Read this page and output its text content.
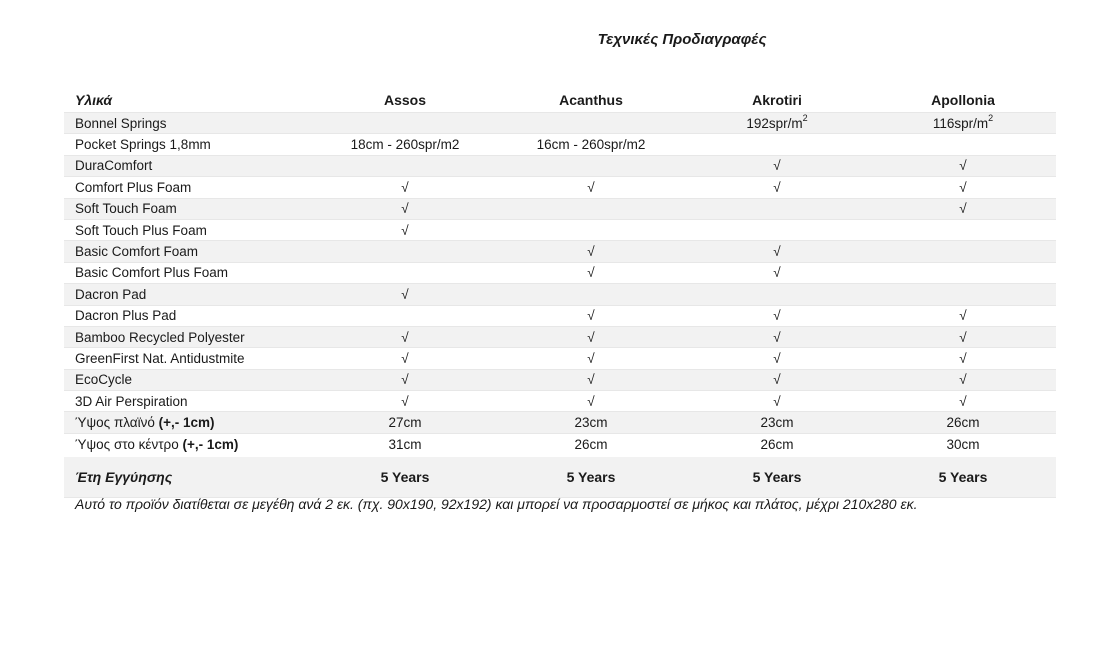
Τεχνικές Προδιαγραφές
Υλικά	Assos	Acanthus	Akrotiri	Apollonia
Bonnel Springs			$192spr/m^2$	$116spr/m^2$
Pocket Springs 1,8mm	18cm - 260spr/m2	16cm - 260spr/m2		
DuraComfort			√	√
Comfort Plus Foam	√	√	√	√
Soft Touch Foam	√			√
Soft Touch Plus Foam	√			
Basic Comfort Foam		√	√	
Basic Comfort Plus Foam		√	√	
Dacron Pad	√			
Dacron Plus Pad		√	√	√
Bamboo Recycled Polyester	√	√	√	√
GreenFirst Nat. Antidustmite	√	√	√	√
EcoCycle	√	√	√	√
3D Air Perspiration	√	√	√	√
Ύψος πλαϊνό (+,- 1cm)	27cm	23cm	23cm	26cm
Ύψος στο κέντρο (+,- 1cm)	31cm	26cm	26cm	30cm
Έτη Εγγύησης	5 Years	5 Years	5 Years	5 Years
Αυτό το προϊόν διατίθεται σε μεγέθη ανά 2 εκ. (πχ. 90x190, 92x192) και μπορεί να προσαρμοστεί σε μήκος και πλάτος, μέχρι 210x280 εκ.
